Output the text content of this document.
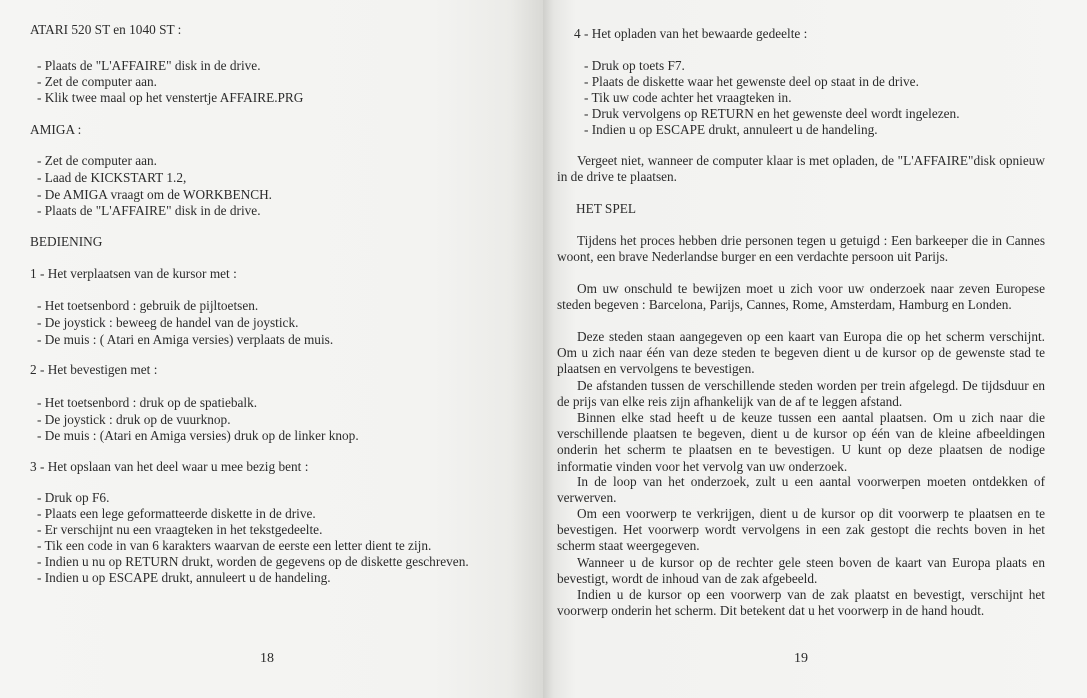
ATARI 520 ST en 1040 ST :
- Plaats de "L'AFFAIRE" disk in de drive.
- Zet de computer aan.
- Klik twee maal op het venstertje AFFAIRE.PRG
AMIGA :
- Zet de computer aan.
- Laad de KICKSTART 1.2,
- De AMIGA vraagt om de WORKBENCH.
- Plaats de "L'AFFAIRE" disk in de drive.
BEDIENING
1 - Het verplaatsen van de kursor met :
- Het toetsenbord : gebruik de pijltoetsen.
- De joystick : beweeg de handel van de joystick.
- De muis : ( Atari en Amiga versies) verplaats de muis.
2 - Het bevestigen met :
- Het toetsenbord : druk op de spatiebalk.
- De joystick : druk op de vuurknop.
- De muis : (Atari en Amiga versies) druk op de linker knop.
3 - Het opslaan van het deel waar u mee bezig bent :
- Druk op F6.
- Plaats een lege geformatteerde diskette in de drive.
- Er verschijnt nu een vraagteken in het tekstgedeelte.
- Tik een code in van 6 karakters waarvan de eerste een letter dient te zijn.
- Indien u nu op RETURN drukt, worden de gegevens op de diskette geschreven.
- Indien u op ESCAPE drukt, annuleert u de handeling.
18
4 - Het opladen van het bewaarde gedeelte :
- Druk op toets F7.
- Plaats de diskette waar het gewenste deel op staat in de drive.
- Tik uw code achter het vraagteken in.
- Druk vervolgens op RETURN en het gewenste deel wordt ingelezen.
- Indien u op ESCAPE drukt, annuleert u de handeling.

Vergeet niet, wanneer de computer klaar is met opladen, de "L'AFFAIRE"disk opnieuw in de drive te plaatsen.

HET SPEL

Tijdens het proces hebben drie personen tegen u getuigd : Een barkeeper die in Cannes woont, een brave Nederlandse burger en een verdachte persoon uit Parijs.

Om uw onschuld te bewijzen moet u zich voor uw onderzoek naar zeven Europese steden begeven : Barcelona, Parijs, Cannes, Rome, Amsterdam, Hamburg en Londen.

Deze steden staan aangegeven op een kaart van Europa die op het scherm verschijnt. Om u zich naar één van deze steden te begeven dient u de kursor op de gewenste stad te plaatsen en vervolgens te bevestigen.

De afstanden tussen de verschillende steden worden per trein afgelegd. De tijdsduur en de prijs van elke reis zijn afhankelijk van de af te leggen afstand.

Binnen elke stad heeft u de keuze tussen een aantal plaatsen. Om u zich naar die verschillende plaatsen te begeven, dient u de kursor op één van de kleine afbeeldingen onderin het scherm te plaatsen en te bevestigen. U kunt op deze plaatsen de nodige informatie vinden voor het vervolg van uw onderzoek.

In de loop van het onderzoek, zult u een aantal voorwerpen moeten ontdekken of verwerven.

Om een voorwerp te verkrijgen, dient u de kursor op dit voorwerp te plaatsen en te bevestigen. Het voorwerp wordt vervolgens in een zak gestopt die rechts boven in het scherm staat weergegeven.

Wanneer u de kursor op de rechter gele steen boven de kaart van Europa plaats en bevestigt, wordt de inhoud van de zak afgebeeld.

Indien u de kursor op een voorwerp van de zak plaatst en bevestigt, verschijnt het voorwerp onderin het scherm. Dit betekent dat u het voorwerp in de hand houdt.

19
